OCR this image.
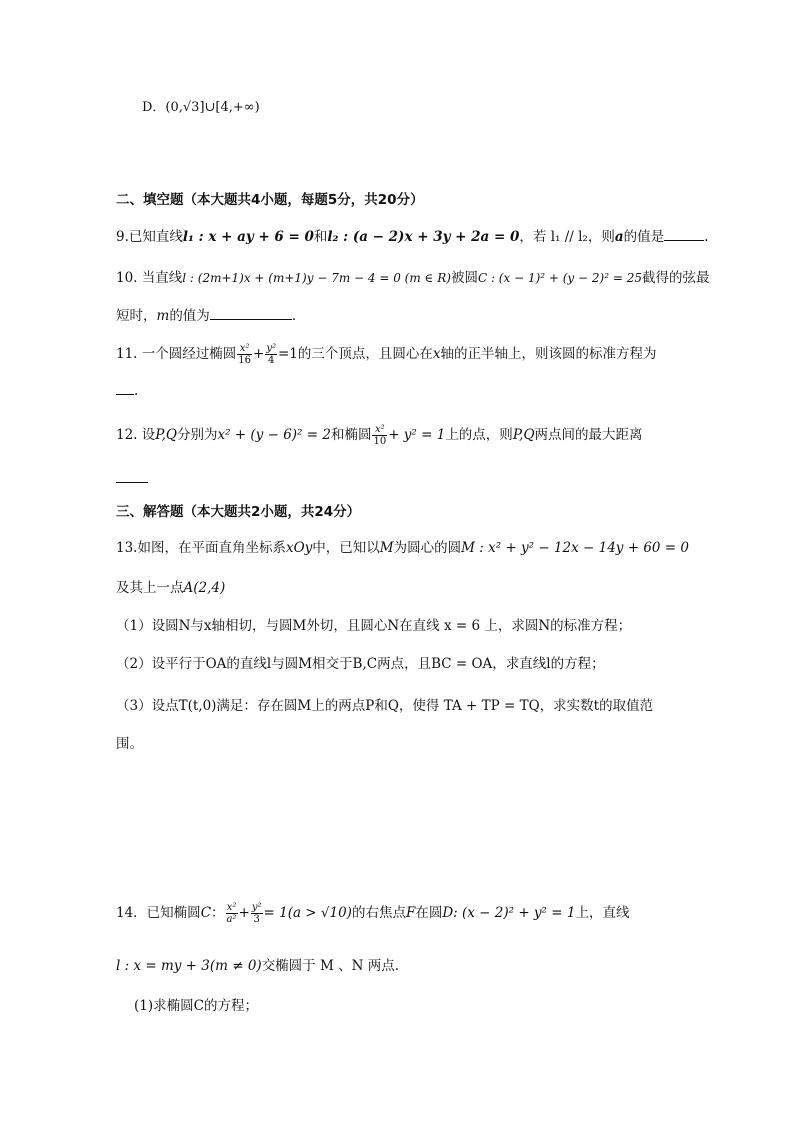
D．(0,√3]∪[4,+∞)
二、填空题（本大题共4小题，每题5分，共20分）
9.已知直线l₁ : x + ay + 6 = 0和l₂ : (a − 2)x + 3y + 2a = 0，若 l₁ // l₂，则a的值是	.
10. 当直线l : (2m+1)x + (m+1)y − 7m − 4 = 0 (m ∈ R)被圆C : (x − 1)² + (y − 2)² = 25截得的弦最
短时，m的值为	.
11. 一个圆经过椭圆 $\frac{\text{x²}}{16} + \frac{\text{y²}}{4} =1$的三个顶点，且圆心在x轴的正半轴上，则该圆的标准方程为
.
12. 设P,Q分别为x² + (y − 6)² = 2和椭圆 $\frac{\text{x²}}{10} + y^2 = 1$上的点，则P,Q两点间的最大距离
三、解答题（本大题共2小题，共24分）
13.如图，在平面直角坐标系xOy中，已知以M为圆心的圆M : x² + y² − 12x − 14y + 60 = 0
及其上一点A(2,4)
（1）设圆N与x轴相切，与圆M外切，且圆心N在直线 x = 6 上，求圆N的标准方程；
（2）设平行于OA的直线l与圆M相交于B,C两点，且BC = OA，求直线l的方程；
（3）设点T(t,0)满足：存在圆M上的两点P和Q，使得 TA + TP = TQ，求实数t的取值范
围。
14．已知椭圆C： $\frac{\text{x²}}{\text{a²}} + \frac{\text{y²}}{3} = 1(a > √10)$的右焦点F在圆D: (x − 2)² + y² = 1上，直线
l : x = my + 3(m ≠ 0)交椭圆于 M 、N 两点.
(1)求椭圆C的方程；
